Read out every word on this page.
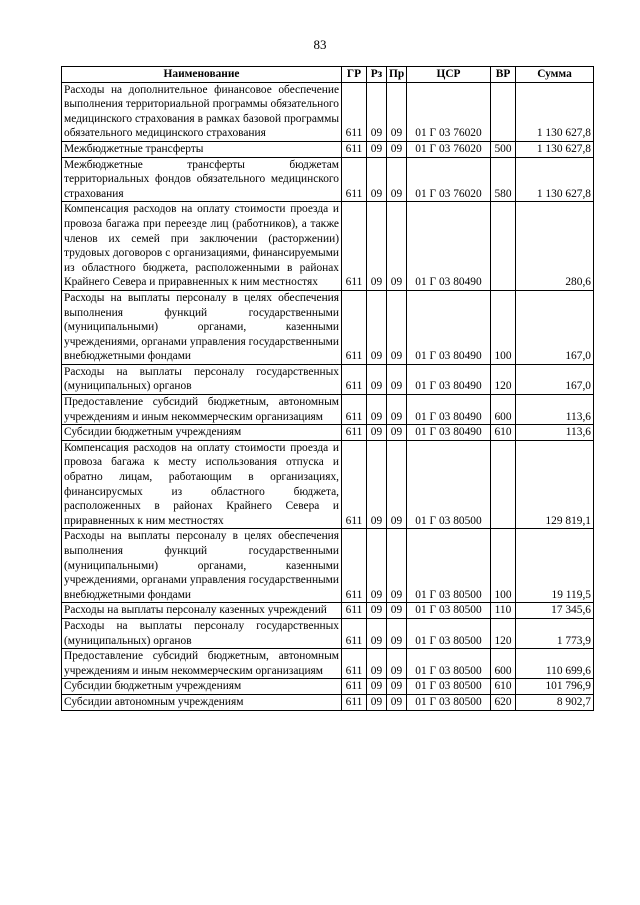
83
Наименование	ГР	Рз	Пр	ЦСР	ВР	Сумма
Расходы на дополнительное финансовое обеспечение выполнения территориальной программы обязательного медицинского страхования в рамках базовой программы обязательного медицинского страхования	611	09	09	01 Г 03 76020		1 130 627,8
Межбюджетные трансферты	611	09	09	01 Г 03 76020	500	1 130 627,8
Межбюджетные трансферты бюджетам территориальных фондов обязательного медицинского страхования	611	09	09	01 Г 03 76020	580	1 130 627,8
Компенсация расходов на оплату стоимости проезда и провоза багажа при переезде лиц (работников), а также членов их семей при заключении (расторжении) трудовых договоров с организациями, финансируемыми из областного бюджета, расположенными в районах Крайнего Севера и приравненных к ним местностях	611	09	09	01 Г 03 80490		280,6
Расходы на выплаты персоналу в целях обеспечения выполнения функций государственными (муниципальными) органами, казенными учреждениями, органами управления государственными внебюджетными фондами	611	09	09	01 Г 03 80490	100	167,0
Расходы на выплаты персоналу государственных (муниципальных) органов	611	09	09	01 Г 03 80490	120	167,0
Предоставление субсидий бюджетным, автономным учреждениям и иным некоммерческим организациям	611	09	09	01 Г 03 80490	600	113,6
Субсидии бюджетным учреждениям	611	09	09	01 Г 03 80490	610	113,6
Компенсация расходов на оплату стоимости проезда и провоза багажа к месту использования отпуска и обратно лицам, работающим в организациях, финансирусмых из областного бюджета, расположенных в районах Крайнего Севера и приравненных к ним местностях	611	09	09	01 Г 03 80500		129 819,1
Расходы на выплаты персоналу в целях обеспечения выполнения функций государственными (муниципальными) органами, казенными учреждениями, органами управления государственными внебюджетными фондами	611	09	09	01 Г 03 80500	100	19 119,5
Расходы на выплаты персоналу казенных учреждений	611	09	09	01 Г 03 80500	110	17 345,6
Расходы на выплаты персоналу государственных (муниципальных) органов	611	09	09	01 Г 03 80500	120	1 773,9
Предоставление субсидий бюджетным, автономным учреждениям и иным некоммерческим организациям	611	09	09	01 Г 03 80500	600	110 699,6
Субсидии бюджетным учреждениям	611	09	09	01 Г 03 80500	610	101 796,9
Субсидии автономным учреждениям	611	09	09	01 Г 03 80500	620	8 902,7
